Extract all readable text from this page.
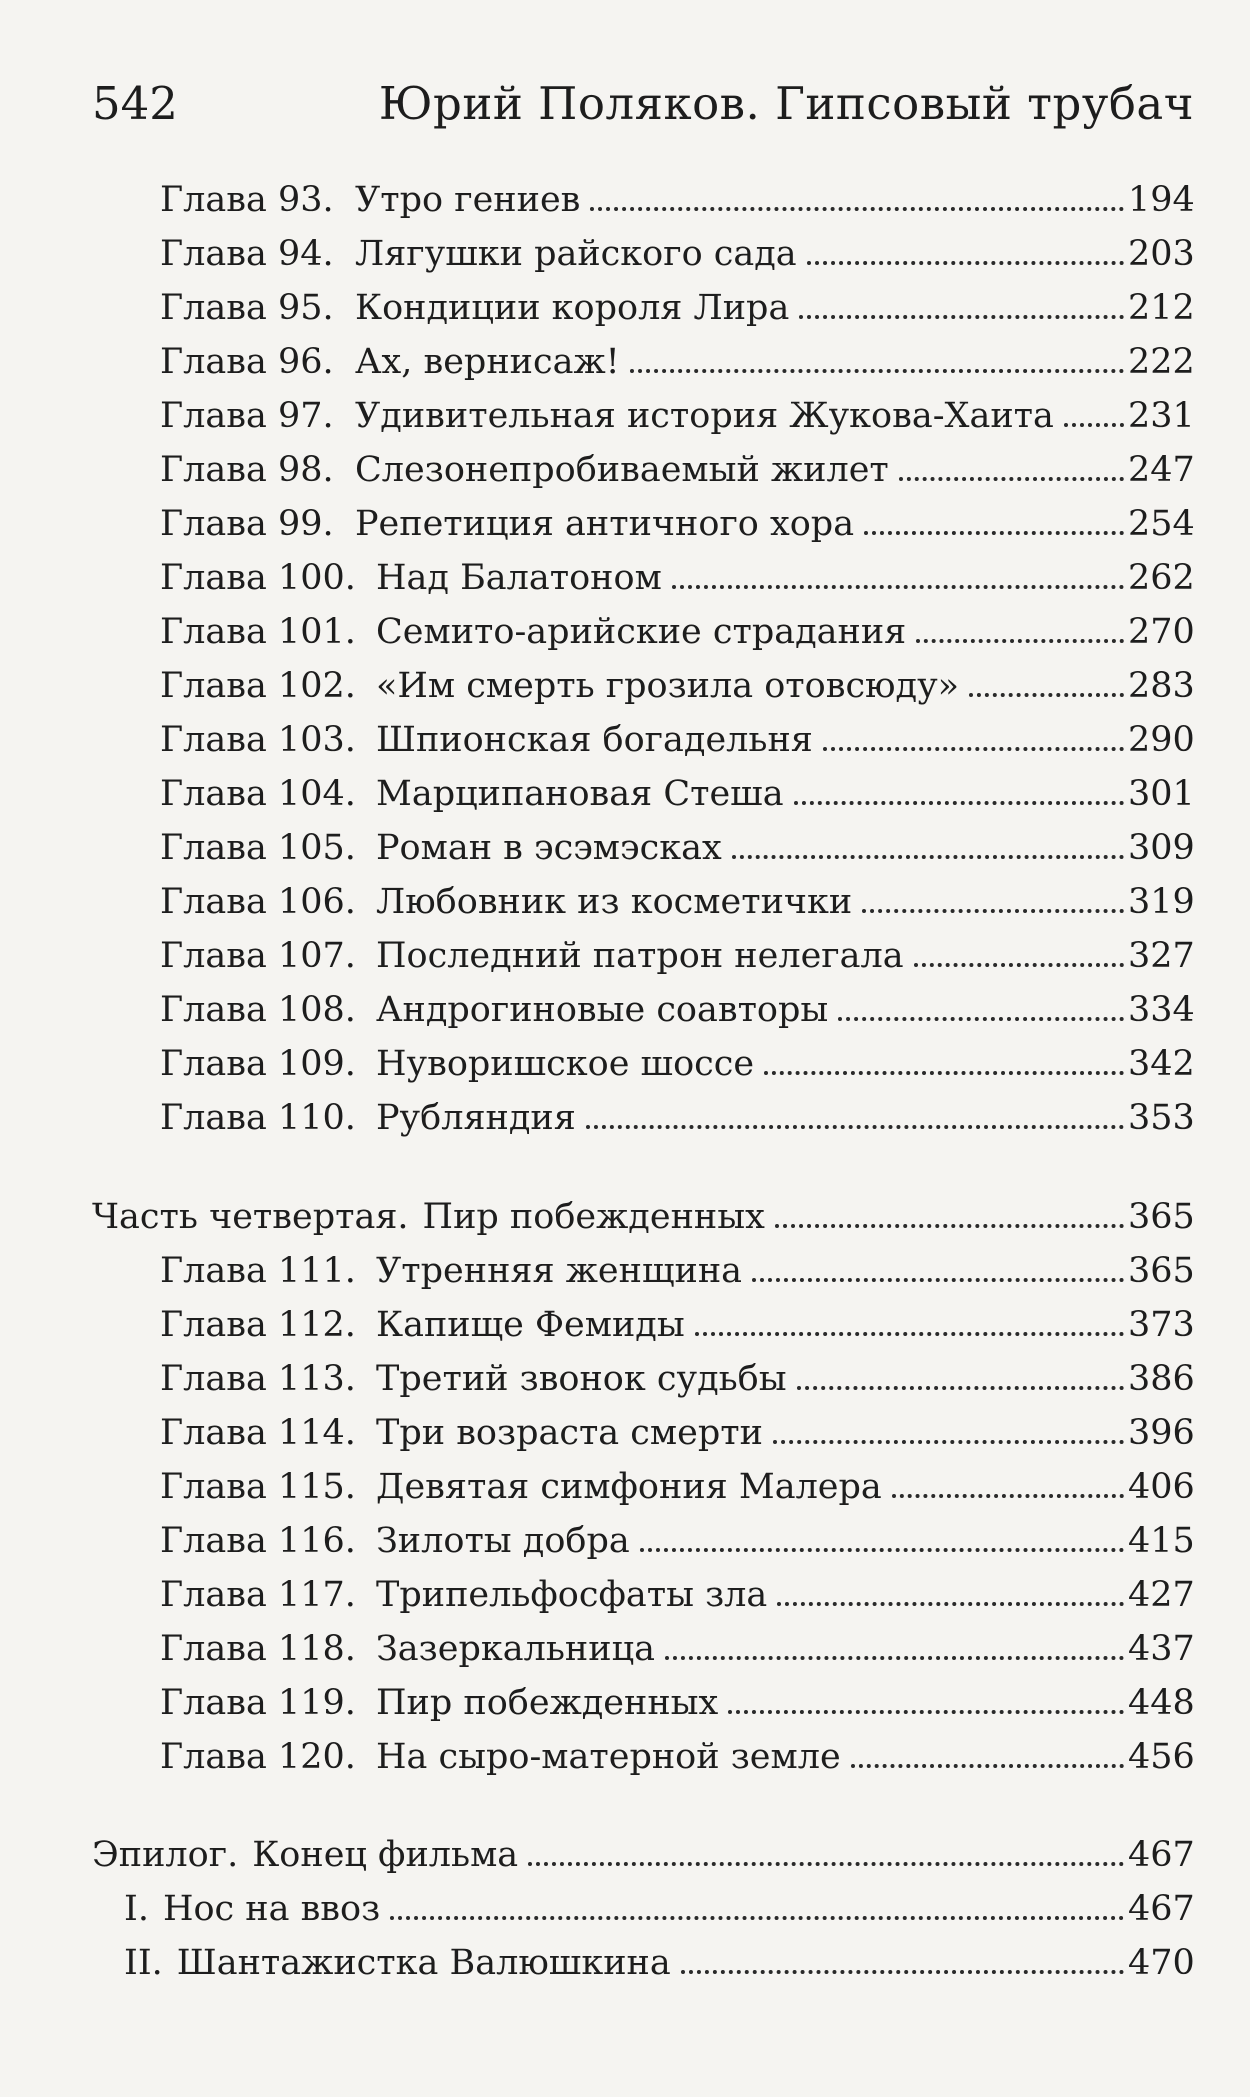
542	Юрий Поляков. Гипсовый трубач
Глава 93. Утро гениев	194
Глава 94. Лягушки райского сада	203
Глава 95. Кондиции короля Лира	212
Глава 96. Ах, вернисаж!	222
Глава 97. Удивительная история Жукова-Хаита 231
Глава 98. Слезонепробиваемый жилет	247
Глава 99. Репетиция античного хора	254
Глава 100. Над Балатоном	262
Глава 101. Семито-арийские страдания	270
Глава 102. «Им смерть грозила отовсюду»	283
Глава 103. Шпионская богадельня	290
Глава 104. Марципановая Стеша	301
Глава 105. Роман в эсэмэсках	309
Глава 106. Любовник из косметички	319
Глава 107. Последний патрон нелегала	327
Глава 108. Андрогиновые соавторы	334
Глава 109. Нуворишское шоссе	342
Глава 110. Рубляндия	353
Часть четвертая. Пир побежденных	365
Глава 111. Утренняя женщина	365
Глава 112. Капище Фемиды	373
Глава 113. Третий звонок судьбы	386
Глава 114. Три возраста смерти	396
Глава 115. Девятая симфония Малера	406
Глава 116. Зилоты добра	415
Глава 117. Трипельфосфаты зла	427
Глава 118. Зазеркальница	437
Глава 119. Пир побежденных	448
Глава 120. На сыро-матерной земле	456
Эпилог. Конец фильма	467
I. Нос на ввоз	467
II. Шантажистка Валюшкина	470
